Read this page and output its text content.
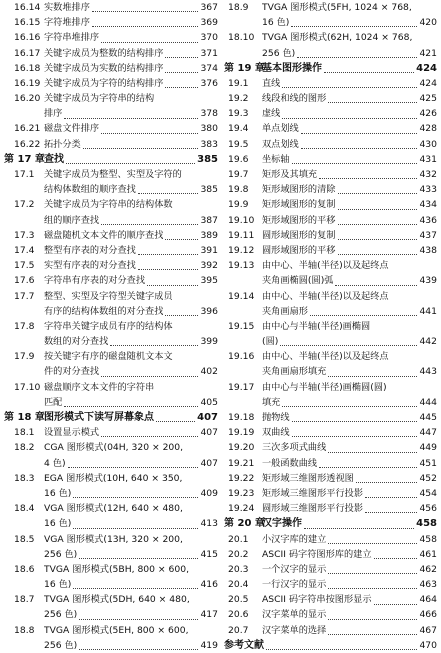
16.14 实数堆排序	367
16.15 字符堆排序	369
16.16 字符串堆排序	370
16.17 关键字成员为整数的结构排序	371
16.18 关键字成员为实数的结构排序	374
16.19 关键字成员为字符的结构排序	376
16.20 关键字成员为字符串的结构
排序	378
16.21 磁盘文件排序	380
16.22 拓扑分类	383
第 17 章 查找	385
17.1	关键字成员为整型、实型及字符的
结构体数组的顺序查找	385
17.2	关键字成员为字符串的结构体数
组的顺序查找	387
17.3	磁盘随机文本文件的顺序查找	389
17.4	整型有序表的对分查找	391
17.5	实型有序表的对分查找	392
17.6	字符串有序表的对分查找	395
17.7	整型、实型及字符型关键字成员
有序的结构体数组的对分查找	396
17.8	字符串关键字成员有序的结构体
数组的对分查找	399
17.9	按关键字有序的磁盘随机文本文
件的对分查找	402
17.10 磁盘顺序文本文件的字符串
匹配	405
第 18 章 图形模式下读写屏幕象点	407
18.1	设置显示模式	407
18.2	CGA 图形模式(04H, 320 × 200,
4 色)	407
18.3	EGA 图形模式(10H, 640 × 350,
16 色)	409
18.4	VGA 图形模式(12H, 640 × 480,
16 色)	413
18.5	VGA 图形模式(13H, 320 × 200,
256 色)	415
18.6	TVGA 图形模式(5BH, 800 × 600,
16 色)	416
18.7	TVGA 图形模式(5DH, 640 × 480,
256 色)	417
18.8	TVGA 图形模式(5EH, 800 × 600,
256 色)	419
18.9	TVGA 图形模式(5FH, 1024 × 768,
16 色)	420
18.10 TVGA 图形模式(62H, 1024 × 768,
256 色)	421
第 19 章
基本图形操作	424
19.1	直线	424
19.2	线段和线的图形	425
19.3	虚线	426
19.4	单点划线	428
19.5	双点划线	430
19.6	坐标轴	431
19.7	矩形及其填充	432
19.8	矩形域图形的清除	433
19.9	矩形域图形的复制	434
19.10 矩形域图形的平移	436
19.11 圆形域图形的复制	437
19.12 圆形域图形的平移	438
19.13 由中心、半轴(半径)以及起终点
夹角画椭圆(圆)弧	439
19.14 由中心、半轴(半径)以及起终点
夹角画扇形	441
19.15 由中心与半轴(半径)画椭圆
(圆)	442
19.16 由中心、半轴(半径)以及起终点
夹角画扇形填充	443
19.17 由中心与半轴(半径)画椭圆(圆)
填充	444
19.18 抛物线	445
19.19 双曲线	447
19.20 三次多项式曲线	449
19.21 一般函数曲线	451
19.22 矩形域三维图形透视图	452
19.23 矩形域三维图形平行投影	454
19.24 圆形域三维图形平行投影	456
第 20 章
汉字操作	458
20.1	小汉字库的建立	458
20.2	ASCII 码字符图形库的建立	461
20.3	一个汉字的显示	462
20.4	一行汉字的显示	463
20.5	ASCII 码字符串按图形显示	464
20.6	汉字菜单的显示	466
20.7	汉字菜单的选择	467
参考文献	470
